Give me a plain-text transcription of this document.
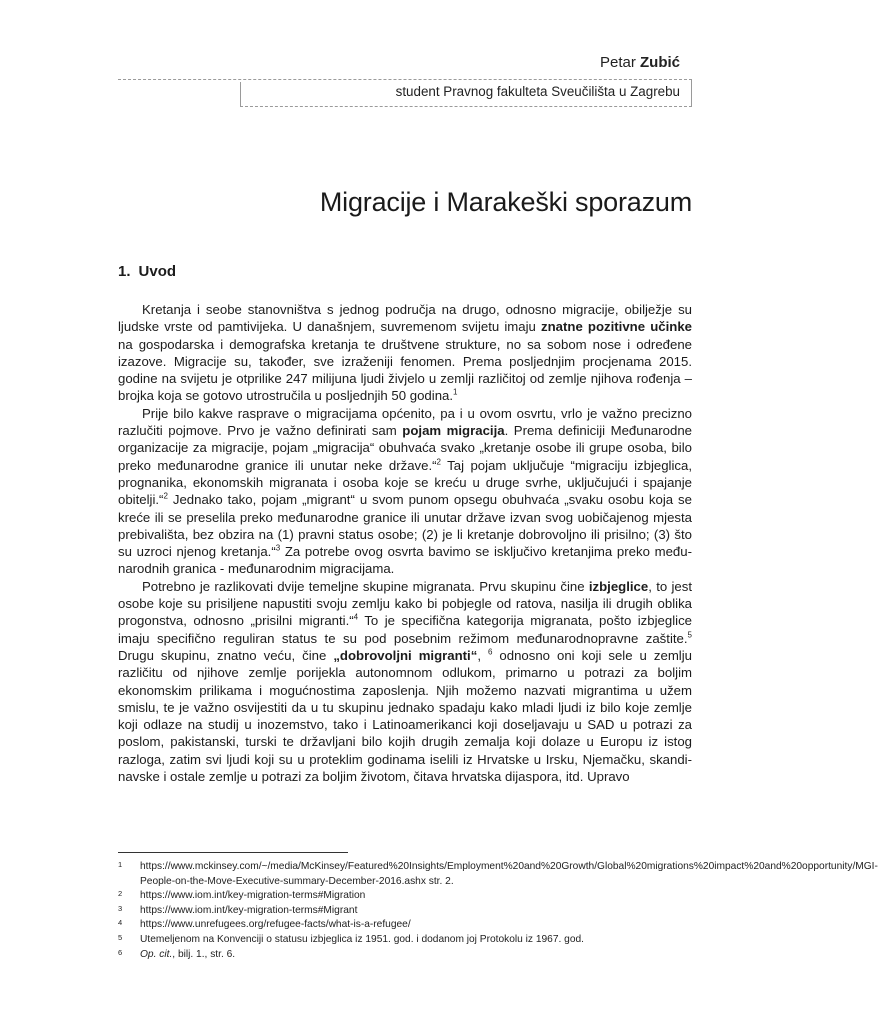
Petar Zubić
student Pravnog fakulteta Sveučilišta u Zagrebu
Migracije i Marakeški sporazum
1. Uvod

Kretanja i seobe stanovništva s jednog područja na drugo, odnosno migracije, obilježje su ljudske vrste od pamtivijeka. U današnjem, suvremenom svijetu imaju znatne pozitivne učinke na gospodarska i demografska kretanja te društvene strukture, no sa sobom nose i određene izazove. Migracije su, također, sve izraženiji fenomen. Prema posljednjim procjenama 2015. godine na svijetu je otprilike 247 milijuna ljudi živjelo u zemlji različitoj od zemlje njihova rođenja – brojka koja se gotovo utrostručila u posljednjih 50 godina.$^1$

Prije bilo kakve rasprave o migracijama općenito, pa i u ovom osvrtu, vrlo je važno precizno razlučiti pojmove. Prvo je važno definirati sam pojam migracija. Prema definiciji Međunarodne organizacije za migracije, pojam „migracija“ obuhvaća svako „kretanje osobe ili grupe osoba, bilo preko međunarodne granice ili unutar neke države.“$^2$ Taj pojam uključuje “migraciju izbjeglica, prognanika, ekonomskih migranata i osoba koje se kreću u druge svrhe, uključujući i spajanje obitelji.“$^2$ Jednako tako, pojam „migrant“ u svom punom opsegu obuhvaća „svaku osobu koja se kreće ili se preselila preko međunarodne granice ili unutar države izvan svog uobičajenog mjesta prebivališta, bez obzira na (1) pravni status osobe; (2) je li kretanje dobrovoljno ili prisilno; (3) što su uzroci njenog kretanja.“$^3$ Za potrebe ovog osvrta bavimo se isključivo kretanjima preko međunarodnih granica - međunarodnim migracijama.

Potrebno je razlikovati dvije temeljne skupine migranata. Prvu skupinu čine izbjeglice, to jest osobe koje su prisiljene napustiti svoju zemlju kako bi pobjegle od ratova, nasilja ili drugih oblika progonstva, odnosno „prisilni migranti.“$^4$ To je specifična kategorija migranata, pošto izbjeglice imaju specifično reguliran status te su pod posebnim režimom međunarodnopravne zaštite.$^5$ Drugu skupinu, znatno veću, čine „dobrovoljni migranti“, $^6$ odnosno oni koji sele u zemlju različitu od njihove zemlje porijekla autonomnom odlukom, primarno u potrazi za boljim ekonomskim prilikama i mogućnostima zaposlenja. Njih možemo nazvati migrantima u užem smislu, te je važno osvijestiti da u tu skupinu jednako spadaju kako mladi ljudi iz bilo koje zemlje koji odlaze na studij u inozemstvo, tako i Latinoamerikanci koji doseljavaju u SAD u potrazi za poslom, pakistanski, turski te državljani bilo kojih drugih zemalja koji dolaze u Europu iz istog razloga, zatim svi ljudi koji su u proteklim godinama iselili iz Hrvatske u Irsku, Njemačku, skandinavske i ostale zemlje u potrazi za boljim životom, čitava hrvatska dijaspora, itd. Upravo

1	https://www.mckinsey.com/~/media/McKinsey/Featured%20Insights/Employment%20and%20Growth/Global%20migrations%20impact%20and%20opportunity/MGI-People-on-the-Move-Executive-summary-December-2016.ashx str. 2.
2	https://www.iom.int/key-migration-terms#Migration
3	https://www.iom.int/key-migration-terms#Migrant
4	https://www.unrefugees.org/refugee-facts/what-is-a-refugee/
5	Utemeljenom na Konvenciji o statusu izbjeglica iz 1951. god. i dodanom joj Protokolu iz 1967. god.
6	Op. cit., bilj. 1., str. 6.
